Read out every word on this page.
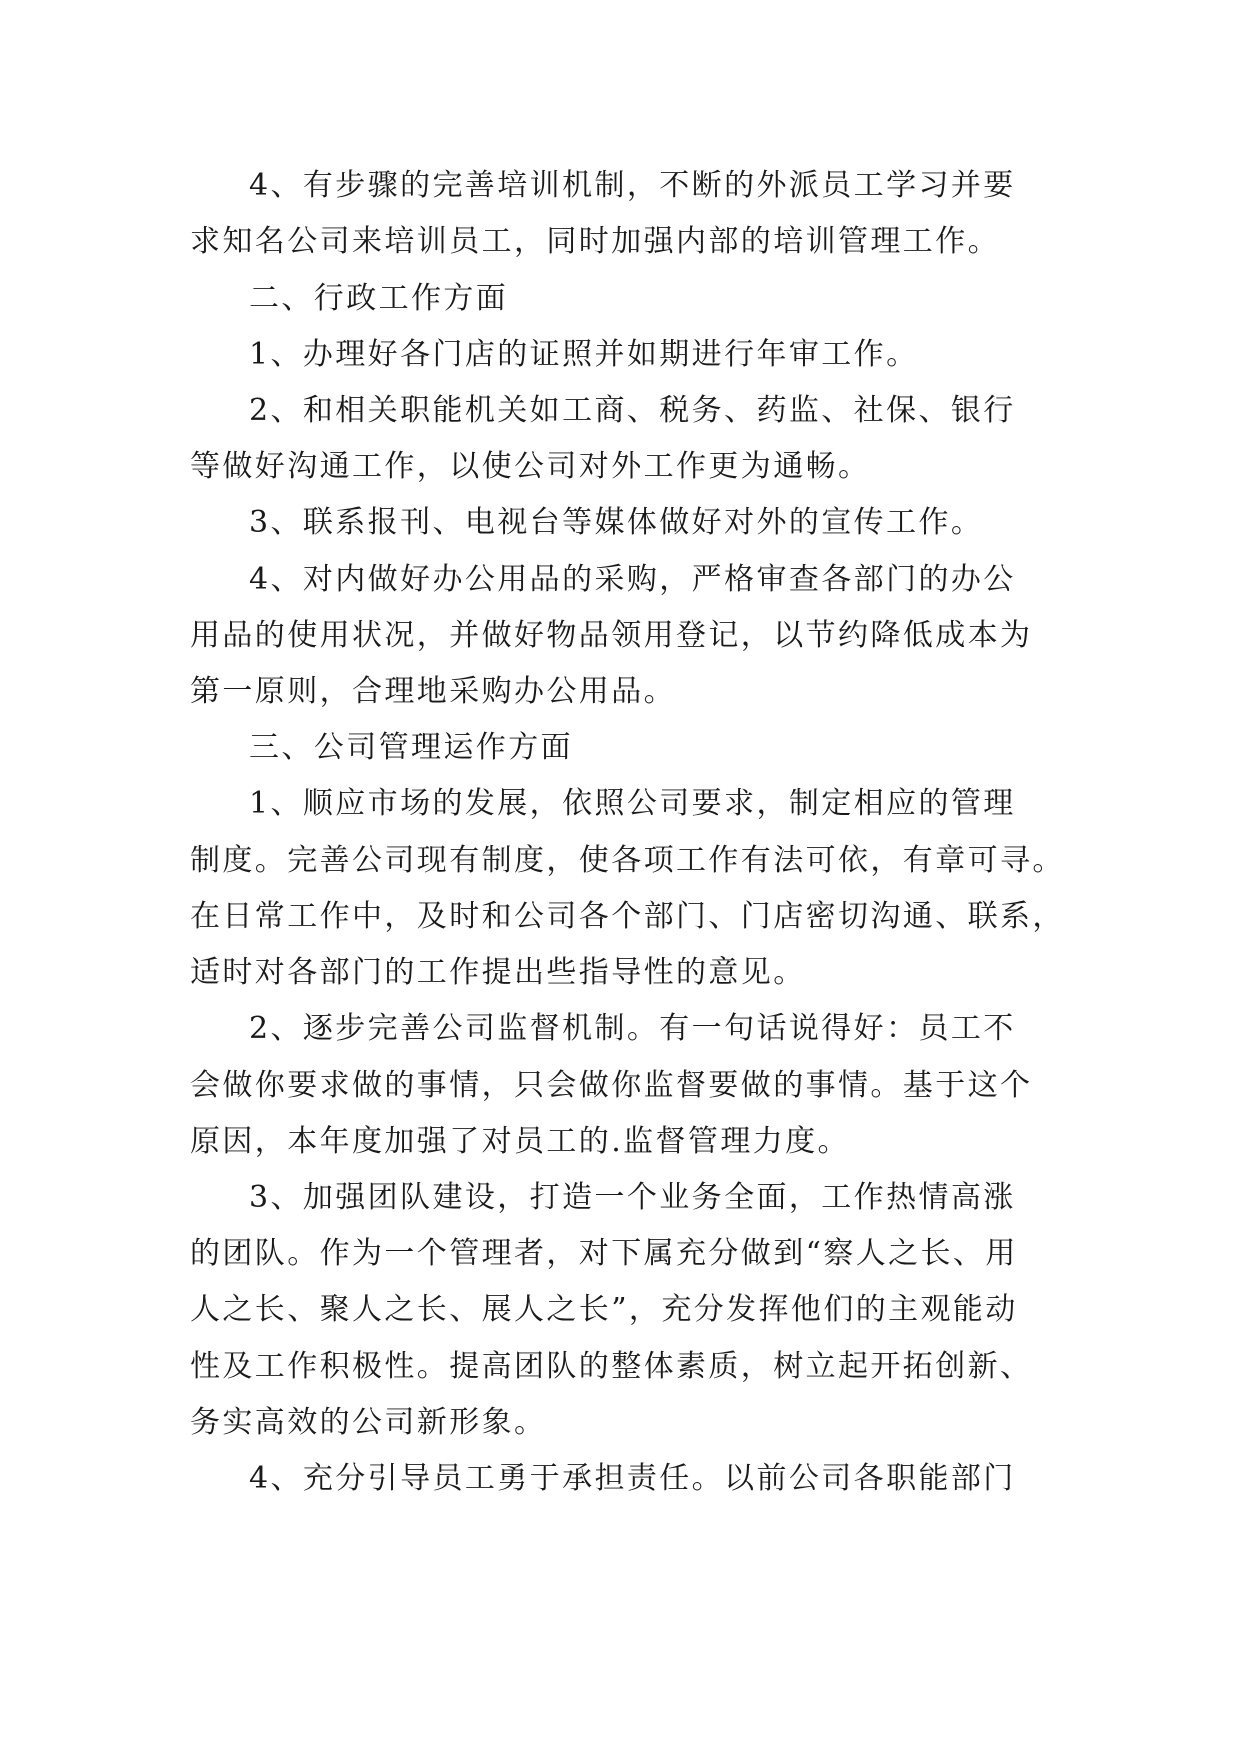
4、有步骤的完善培训机制，不断的外派员工学习并要

求知名公司来培训员工，同时加强内部的培训管理工作。

二、行政工作方面

1、办理好各门店的证照并如期进行年审工作。

2、和相关职能机关如工商、税务、药监、社保、银行

等做好沟通工作，以使公司对外工作更为通畅。

3、联系报刊、电视台等媒体做好对外的宣传工作。

4、对内做好办公用品的采购，严格审查各部门的办公

用品的使用状况，并做好物品领用登记，以节约降低成本为

第一原则，合理地采购办公用品。

三、公司管理运作方面

1、顺应市场的发展，依照公司要求，制定相应的管理

制度。完善公司现有制度，使各项工作有法可依，有章可寻。

在日常工作中，及时和公司各个部门、门店密切沟通、联系，

适时对各部门的工作提出些指导性的意见。

2、逐步完善公司监督机制。有一句话说得好：员工不

会做你要求做的事情，只会做你监督要做的事情。基于这个

原因，本年度加强了对员工的.监督管理力度。

3、加强团队建设，打造一个业务全面，工作热情高涨

的团队。作为一个管理者，对下属充分做到“察人之长、用

人之长、聚人之长、展人之长”，充分发挥他们的主观能动

性及工作积极性。提高团队的整体素质，树立起开拓创新、

务实高效的公司新形象。

4、充分引导员工勇于承担责任。以前公司各职能部门
